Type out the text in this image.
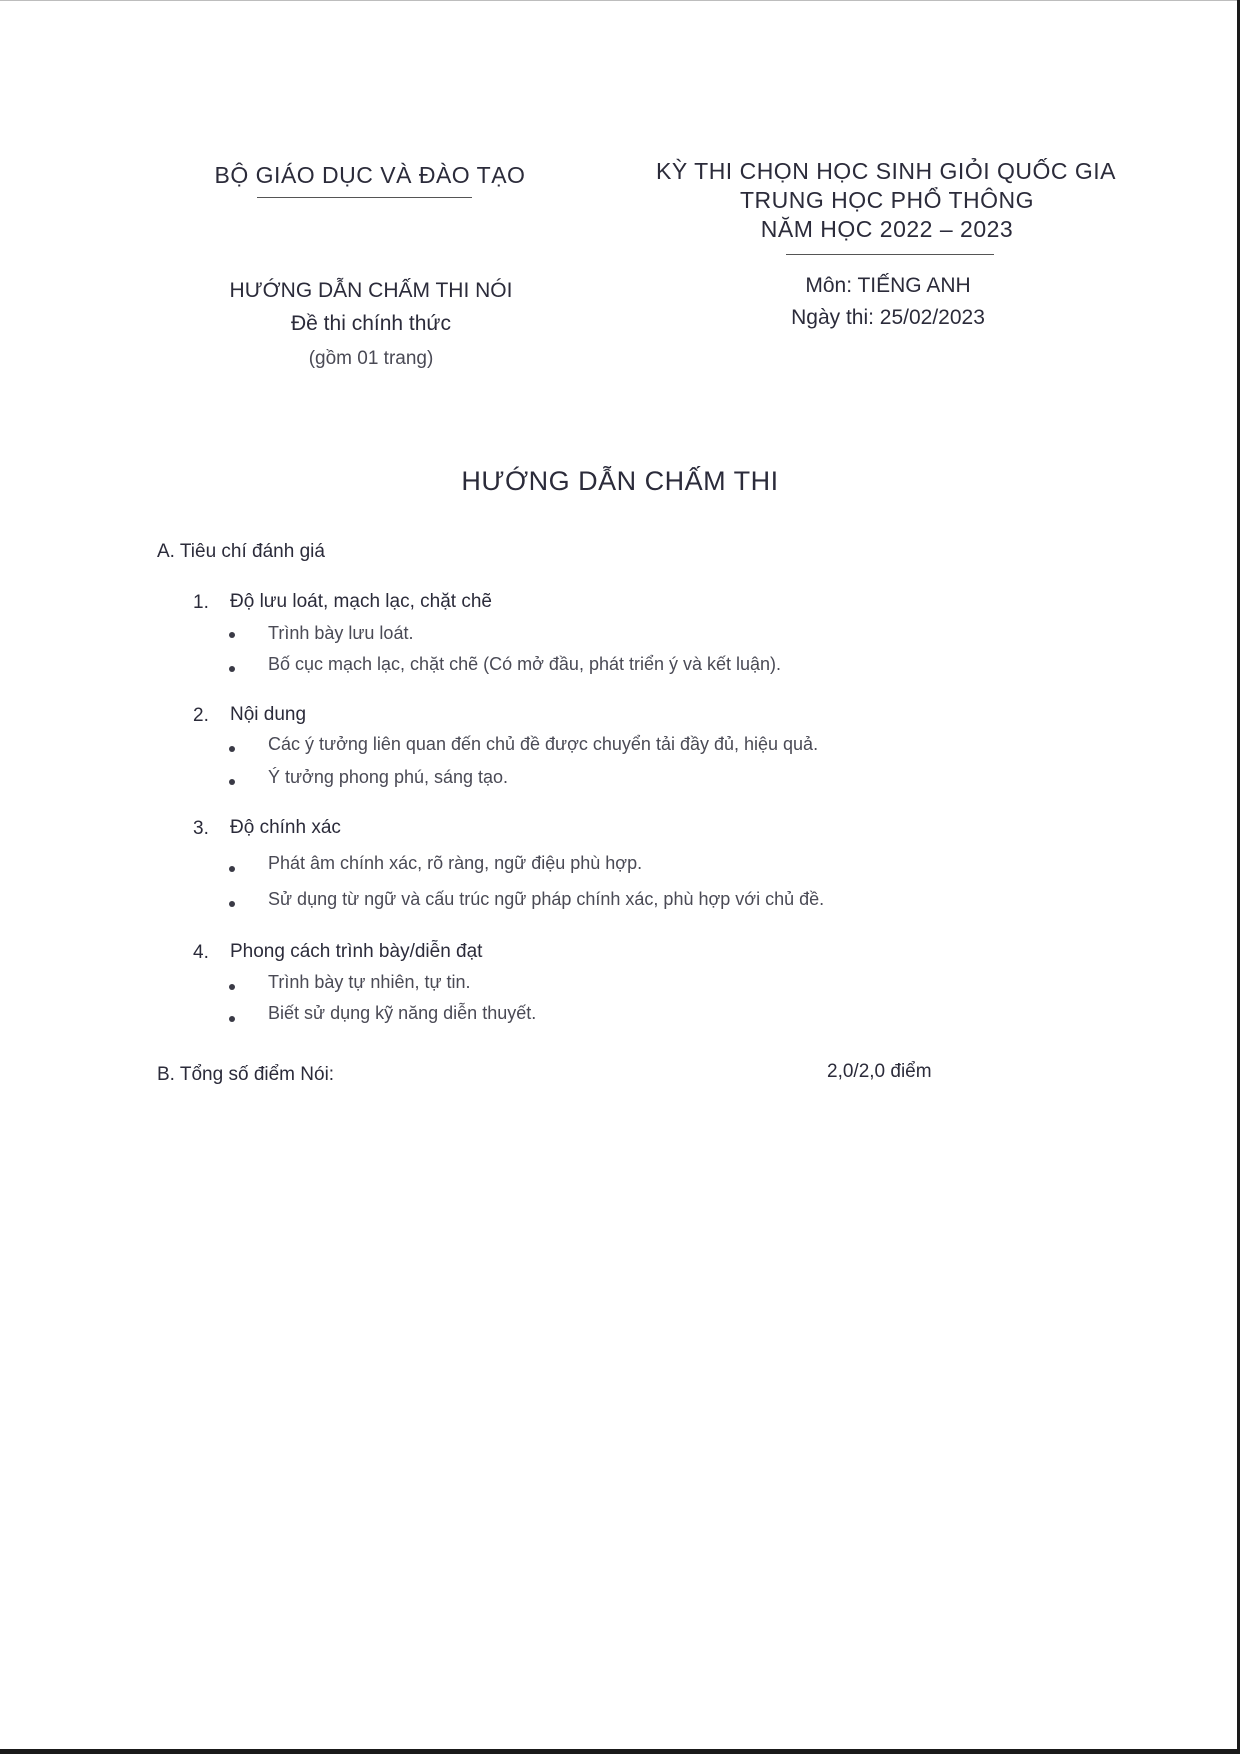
BỘ GIÁO DỤC VÀ ĐÀO TẠO
HƯỚNG DẪN CHẤM THI NÓI
Đề thi chính thức
(gồm 01 trang)
KỲ THI CHỌN HỌC SINH GIỎI QUỐC GIA
TRUNG HỌC PHỔ THÔNG
NĂM HỌC 2022 – 2023
Môn: TIẾNG ANH
Ngày thi: 25/02/2023
HƯỚNG DẪN CHẤM THI
A. Tiêu chí đánh giá
1. Độ lưu loát, mạch lạc, chặt chẽ
Trình bày lưu loát.
Bố cục mạch lạc, chặt chẽ (Có mở đầu, phát triển ý và kết luận).
2. Nội dung
Các ý tưởng liên quan đến chủ đề được chuyển tải đầy đủ, hiệu quả.
Ý tưởng phong phú, sáng tạo.
3. Độ chính xác
Phát âm chính xác, rõ ràng, ngữ điệu phù hợp.
Sử dụng từ ngữ và cấu trúc ngữ pháp chính xác, phù hợp với chủ đề.
4. Phong cách trình bày/diễn đạt
Trình bày tự nhiên, tự tin.
Biết sử dụng kỹ năng diễn thuyết.
B. Tổng số điểm Nói:	2,0/2,0 điểm
